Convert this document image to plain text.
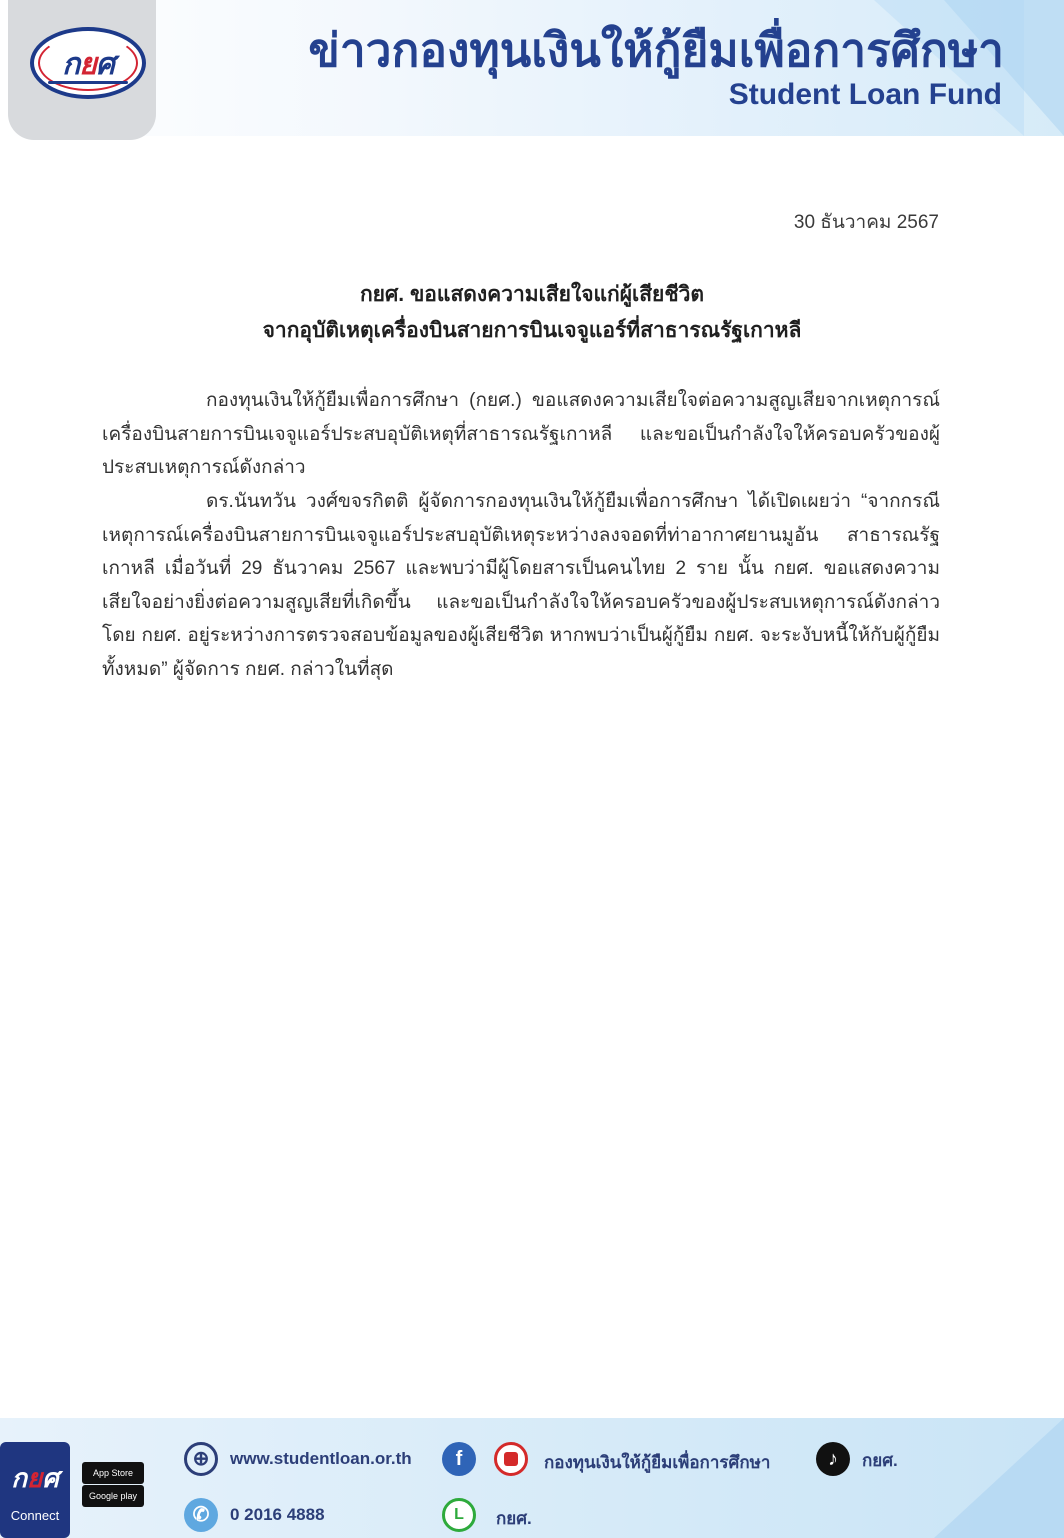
กยศ	ข่าวกองทุนเงินให้กู้ยืมเพื่อการศึกษา
Student Loan Fund
30 ธันวาคม 2567
กยศ. ขอแสดงความเสียใจแก่ผู้เสียชีวิต
จากอุบัติเหตุเครื่องบินสายการบินเจจูแอร์ที่สาธารณรัฐเกาหลี

กองทุนเงินให้กู้ยืมเพื่อการศึกษา (กยศ.) ขอแสดงความเสียใจต่อความสูญเสียจากเหตุการณ์เครื่องบินสายการบินเจจูแอร์ประสบอุบัติเหตุที่สาธารณรัฐเกาหลี และขอเป็นกำลังใจให้ครอบครัวของผู้ประสบเหตุการณ์ดังกล่าว

ดร.นันทวัน วงศ์ขจรกิตติ ผู้จัดการกองทุนเงินให้กู้ยืมเพื่อการศึกษา ได้เปิดเผยว่า “จากกรณีเหตุการณ์เครื่องบินสายการบินเจจูแอร์ประสบอุบัติเหตุระหว่างลงจอดที่ท่าอากาศยานมูอัน สาธารณรัฐเกาหลี เมื่อวันที่ 29 ธันวาคม 2567 และพบว่ามีผู้โดยสารเป็นคนไทย 2 ราย นั้น กยศ. ขอแสดงความเสียใจอย่างยิ่งต่อความสูญเสียที่เกิดขึ้น และขอเป็นกำลังใจให้ครอบครัวของผู้ประสบเหตุการณ์ดังกล่าว โดย กยศ. อยู่ระหว่างการตรวจสอบข้อมูลของผู้เสียชีวิต หากพบว่าเป็นผู้กู้ยืม กยศ. จะระงับหนี้ให้กับผู้กู้ยืมทั้งหมด” ผู้จัดการ กยศ. กล่าวในที่สุด

กยศ
Connect
App Store
Google play
⊕	www.studentloan.or.th	f	กองทุนเงินให้กู้ยืมเพื่อการศึกษา	♪	กยศ.
✆	0 2016 4888	L	กยศ.
